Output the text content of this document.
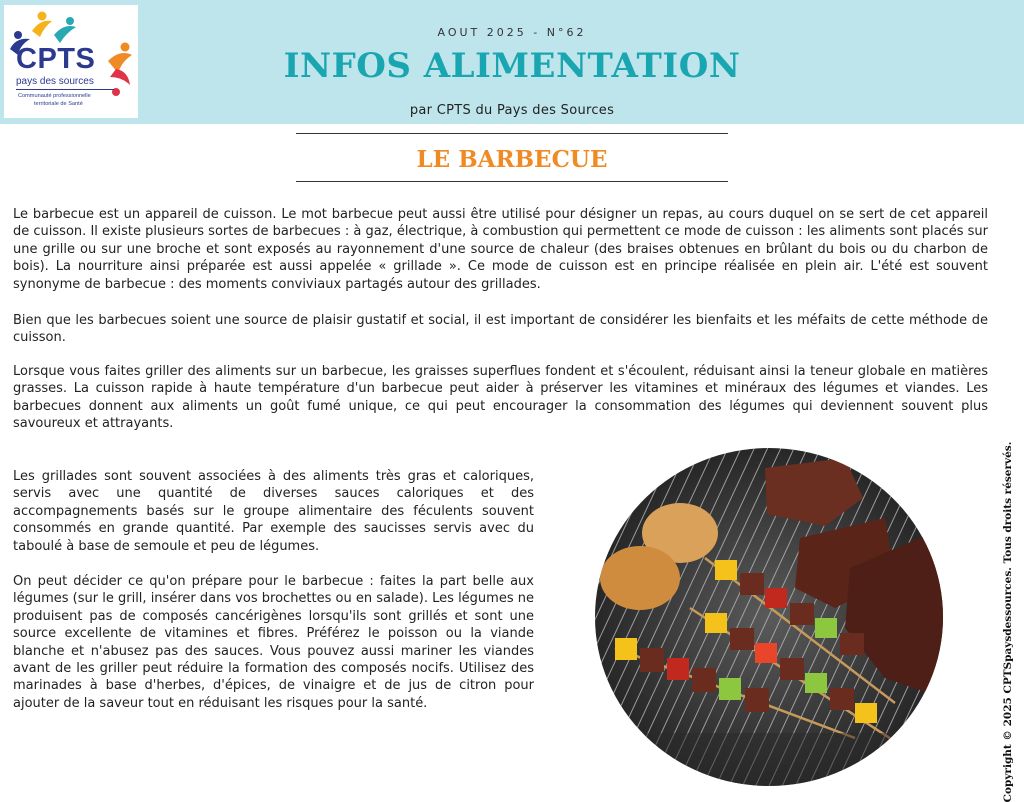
CPTS
pays des sources
Communauté professionnelle
territoriale de Santé
AOUT 2025 - N°62
INFOS ALIMENTATION
par CPTS du Pays des Sources
LE BARBECUE

Le barbecue est un appareil de cuisson. Le mot barbecue peut aussi être utilisé pour désigner un repas, au cours duquel on se sert de cet appareil de cuisson. Il existe plusieurs sortes de barbecues : à gaz, électrique, à combustion qui permettent ce mode de cuisson : les aliments sont placés sur une grille ou sur une broche et sont exposés au rayonnement d'une source de chaleur (des braises obtenues en brûlant du bois ou du charbon de bois). La nourriture ainsi préparée est aussi appelée « grillade ». Ce mode de cuisson est en principe réalisée en plein air. L'été est souvent synonyme de barbecue : des moments conviviaux partagés autour des grillades.

Bien que les barbecues soient une source de plaisir gustatif et social, il est important de considérer les bienfaits et les méfaits de cette méthode de cuisson.

Lorsque vous faites griller des aliments sur un barbecue, les graisses superflues fondent et s'écoulent, réduisant ainsi la teneur globale en matières grasses. La cuisson rapide à haute température d'un barbecue peut aider à préserver les vitamines et minéraux des légumes et viandes. Les barbecues donnent aux aliments un goût fumé unique, ce qui peut encourager la consommation des légumes qui deviennent souvent plus savoureux et attrayants.

Les grillades sont souvent associées à des aliments très gras et caloriques, servis avec une quantité de diverses sauces caloriques et des accompagnements basés sur le groupe alimentaire des féculents souvent consommés en grande quantité. Par exemple des saucisses servis avec du taboulé à base de semoule et peu de légumes.

On peut décider ce qu'on prépare pour le barbecue : faites la part belle aux légumes (sur le grill, insérer dans vos brochettes ou en salade). Les légumes ne produisent pas de composés cancérigènes lorsqu'ils sont grillés et sont une source excellente de vitamines et fibres. Préférez le poisson ou la viande blanche et n'abusez pas des sauces. Vous pouvez aussi mariner les viandes avant de les griller peut réduire la formation des composés nocifs. Utilisez des marinades à base d'herbes, d'épices, de vinaigre et de jus de citron pour ajouter de la saveur tout en réduisant les risques pour la santé.	Copyright © 2025 CPTSpaysdessources. Tous droits réservés.
